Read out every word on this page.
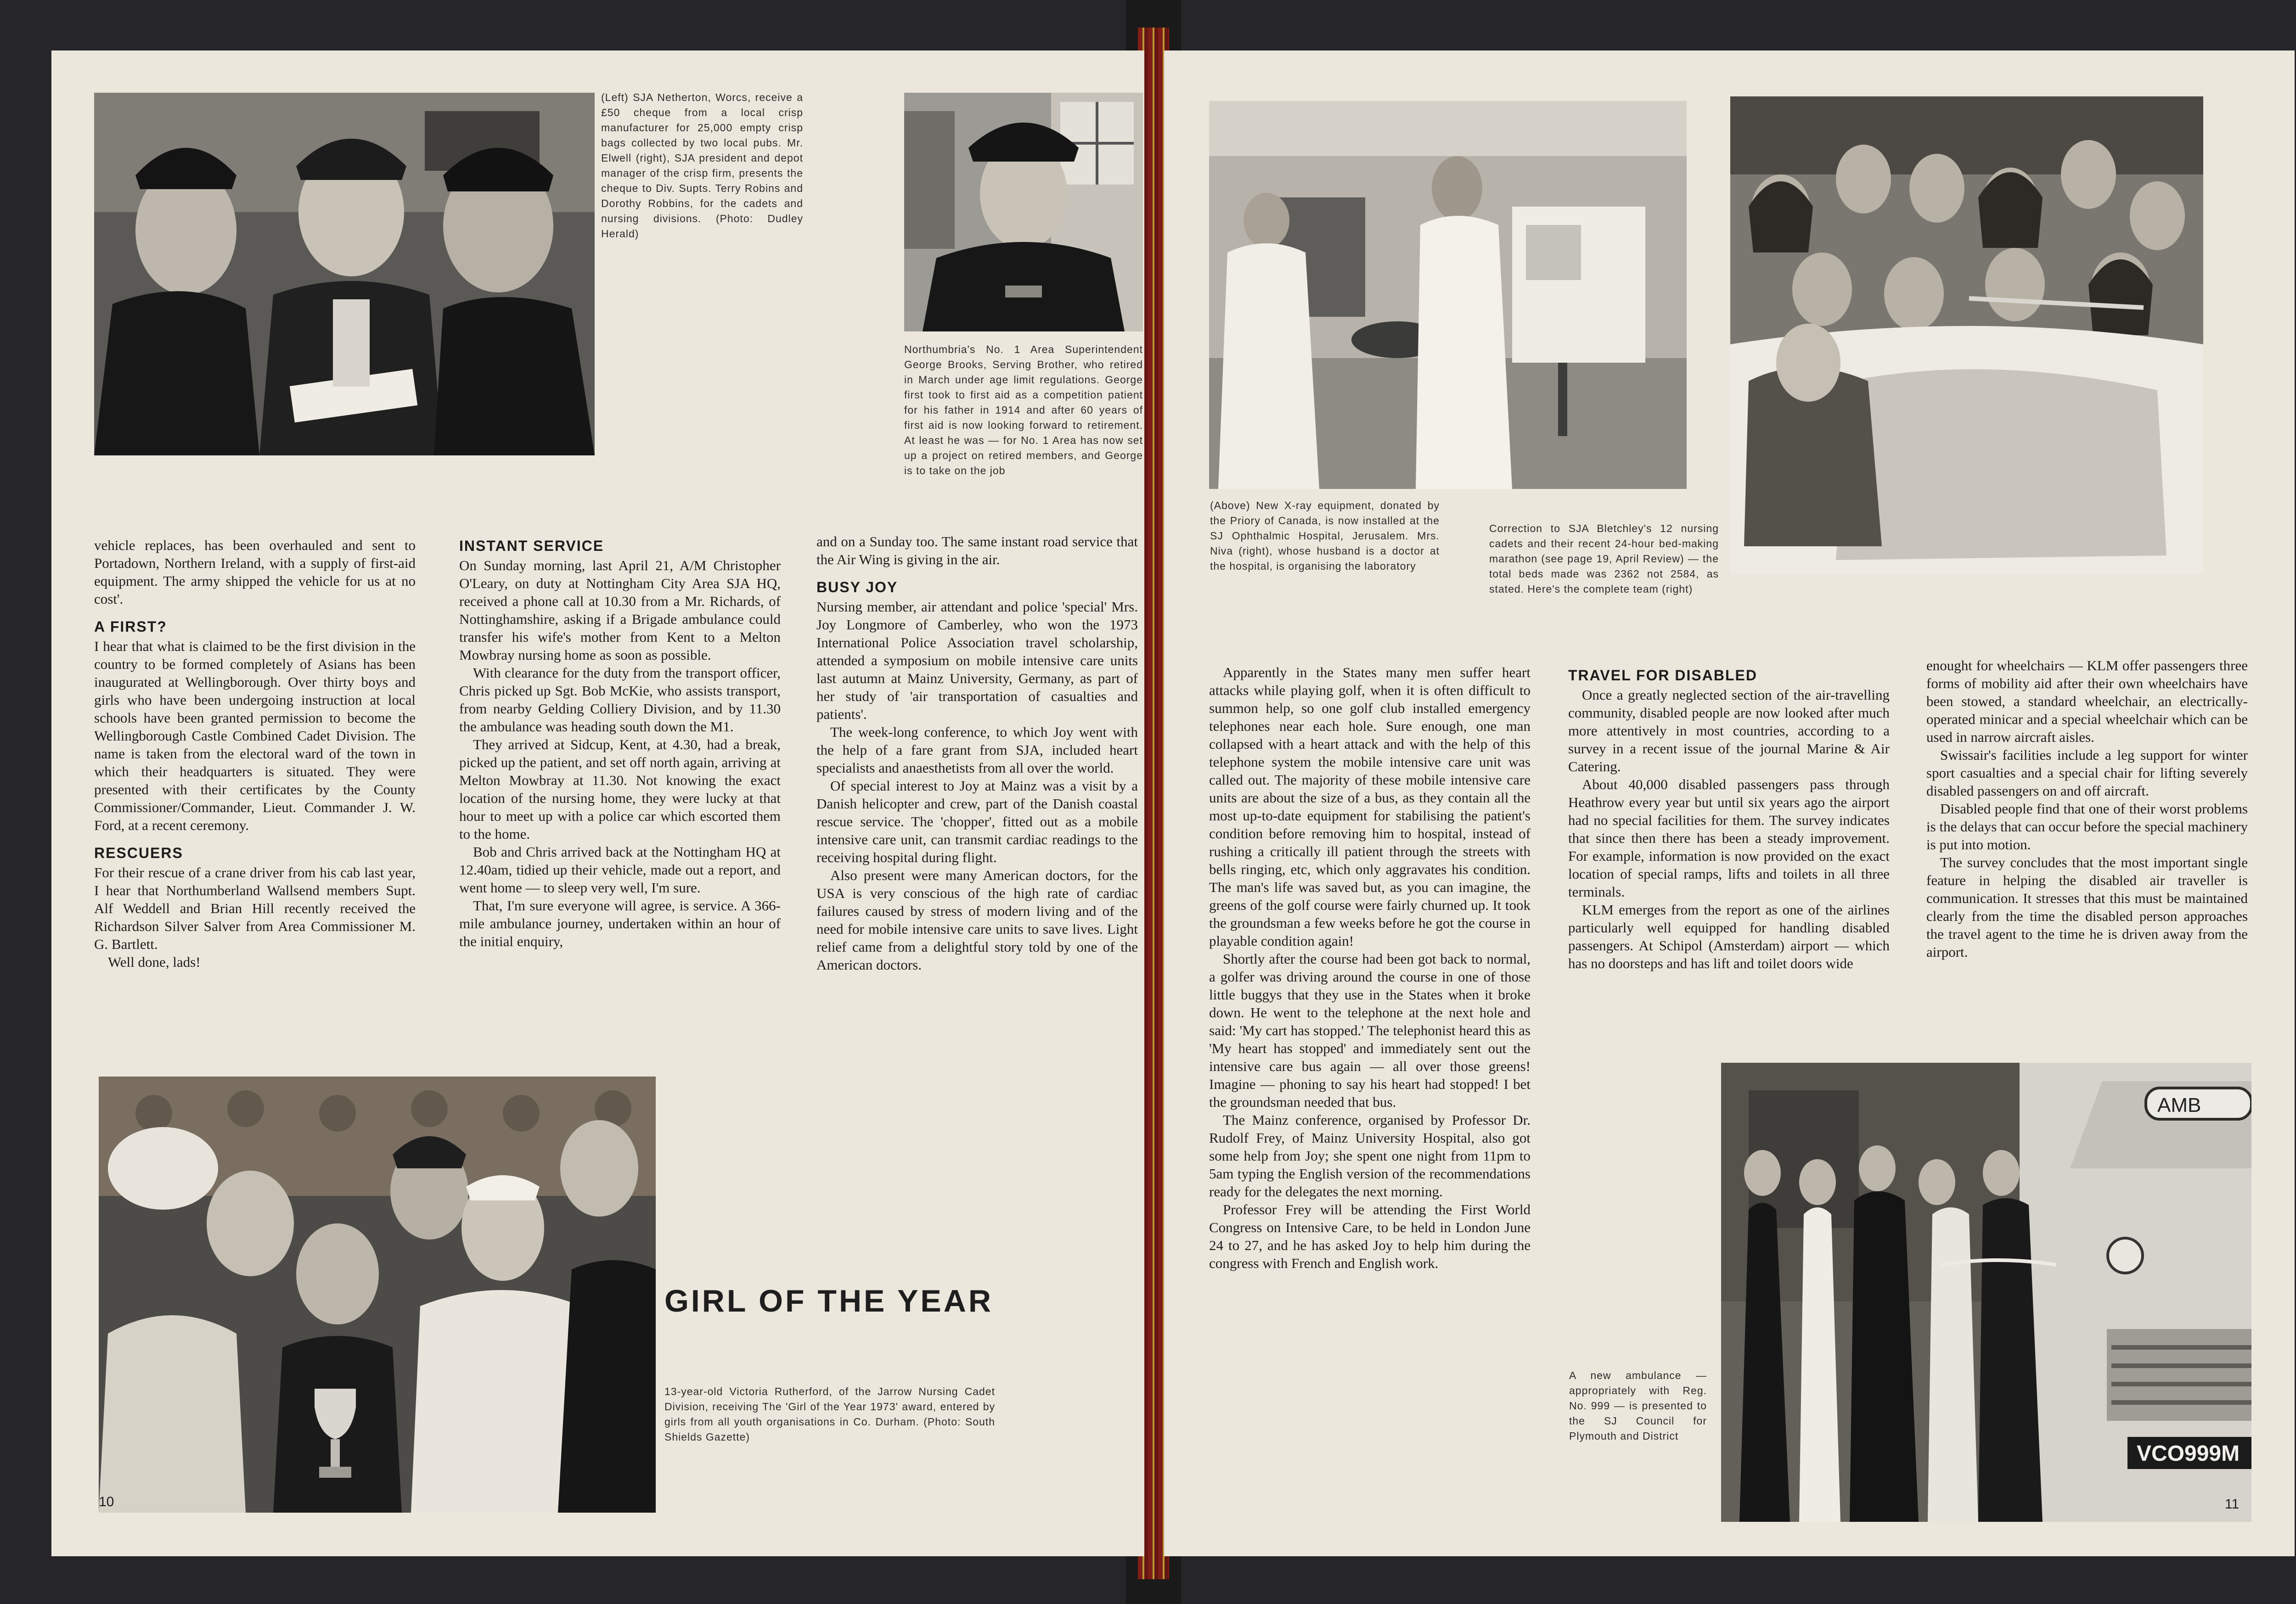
(Left) SJA Netherton, Worcs, receive a £50 cheque from a local crisp manufacturer for 25,000 empty crisp bags collected by two local pubs. Mr. Elwell (right), SJA president and depot manager of the crisp firm, presents the cheque to Div. Supts. Terry Robins and Dorothy Robbins, for the cadets and nursing divisions. (Photo: Dudley Herald)
Northumbria's No. 1 Area Superintendent George Brooks, Serving Brother, who retired in March under age limit regulations. George first took to first aid as a competition patient for his father in 1914 and after 60 years of first aid is now looking forward to retirement. At least he was — for No. 1 Area has now set up a project on retired members, and George is to take on the job

vehicle replaces, has been overhauled and sent to Portadown, Northern Ireland, with a supply of first-aid equipment. The army shipped the vehicle for us at no cost'.

A FIRST?

I hear that what is claimed to be the first division in the country to be formed completely of Asians has been inaugurated at Wellingborough. Over thirty boys and girls who have been undergoing instruction at local schools have been granted permission to become the Wellingborough Castle Combined Cadet Division. The name is taken from the electoral ward of the town in which their headquarters is situated. They were presented with their certificates by the County Commissioner/Commander, Lieut. Commander J. W. Ford, at a recent ceremony.

RESCUERS

For their rescue of a crane driver from his cab last year, I hear that Northumberland Wallsend members Supt. Alf Weddell and Brian Hill recently received the Richardson Silver Salver from Area Commissioner M. G. Bartlett.

Well done, lads!

INSTANT SERVICE

On Sunday morning, last April 21, A/M Christopher O'Leary, on duty at Nottingham City Area SJA HQ, received a phone call at 10.30 from a Mr. Richards, of Nottinghamshire, asking if a Brigade ambulance could transfer his wife's mother from Kent to a Melton Mowbray nursing home as soon as possible.

With clearance for the duty from the transport officer, Chris picked up Sgt. Bob McKie, who assists transport, from nearby Gelding Colliery Division, and by 11.30 the ambulance was heading south down the M1.

They arrived at Sidcup, Kent, at 4.30, had a break, picked up the patient, and set off north again, arriving at Melton Mowbray at 11.30. Not knowing the exact location of the nursing home, they were lucky at that hour to meet up with a police car which escorted them to the home.

Bob and Chris arrived back at the Nottingham HQ at 12.40am, tidied up their vehicle, made out a report, and went home — to sleep very well, I'm sure.

That, I'm sure everyone will agree, is service. A 366-mile ambulance journey, undertaken within an hour of the initial enquiry,

and on a Sunday too. The same instant road service that the Air Wing is giving in the air.

BUSY JOY

Nursing member, air attendant and police 'special' Mrs. Joy Longmore of Camberley, who won the 1973 International Police Association travel scholarship, attended a symposium on mobile intensive care units last autumn at Mainz University, Germany, as part of her study of 'air transportation of casualties and patients'.

The week-long conference, to which Joy went with the help of a fare grant from SJA, included heart specialists and anaesthetists from all over the world.

Of special interest to Joy at Mainz was a visit by a Danish helicopter and crew, part of the Danish coastal rescue service. The 'chopper', fitted out as a mobile intensive care unit, can transmit cardiac readings to the receiving hospital during flight.

Also present were many American doctors, for the USA is very conscious of the high rate of cardiac failures caused by stress of modern living and of the need for mobile intensive care units to save lives. Light relief came from a delightful story told by one of the American doctors.

GIRL OF THE YEAR
13-year-old Victoria Rutherford, of the Jarrow Nursing Cadet Division, receiving The 'Girl of the Year 1973' award, entered by girls from all youth organisations in Co. Durham. (Photo: South Shields Gazette)
10
(Above) New X-ray equipment, donated by the Priory of Canada, is now installed at the SJ Ophthalmic Hospital, Jerusalem. Mrs. Niva (right), whose husband is a doctor at the hospital, is organising the laboratory
Correction to SJA Bletchley's 12 nursing cadets and their recent 24-hour bed-making marathon (see page 19, April Review) — the total beds made was 2362 not 2584, as stated. Here's the complete team (right)

Apparently in the States many men suffer heart attacks while playing golf, when it is often difficult to summon help, so one golf club installed emergency telephones near each hole. Sure enough, one man collapsed with a heart attack and with the help of this telephone system the mobile intensive care unit was called out. The majority of these mobile intensive care units are about the size of a bus, as they contain all the most up-to-date equipment for stabilising the patient's condition before removing him to hospital, instead of rushing a critically ill patient through the streets with bells ringing, etc, which only aggravates his condition. The man's life was saved but, as you can imagine, the greens of the golf course were fairly churned up. It took the groundsman a few weeks before he got the course in playable condition again!

Shortly after the course had been got back to normal, a golfer was driving around the course in one of those little buggys that they use in the States when it broke down. He went to the telephone at the next hole and said: 'My cart has stopped.' The telephonist heard this as 'My heart has stopped' and immediately sent out the intensive care bus again — all over those greens! Imagine — phoning to say his heart had stopped! I bet the groundsman needed that bus.

The Mainz conference, organised by Professor Dr. Rudolf Frey, of Mainz University Hospital, also got some help from Joy; she spent one night from 11pm to 5am typing the English version of the recommendations ready for the delegates the next morning.

Professor Frey will be attending the First World Congress on Intensive Care, to be held in London June 24 to 27, and he has asked Joy to help him during the congress with French and English work.

TRAVEL FOR DISABLED

Once a greatly neglected section of the air-travelling community, disabled people are now looked after much more attentively in most countries, according to a survey in a recent issue of the journal Marine & Air Catering.

About 40,000 disabled passengers pass through Heathrow every year but until six years ago the airport had no special facilities for them. The survey indicates that since then there has been a steady improvement. For example, information is now provided on the exact location of special ramps, lifts and toilets in all three terminals.

KLM emerges from the report as one of the airlines particularly well equipped for handling disabled passengers. At Schipol (Amsterdam) airport — which has no doorsteps and has lift and toilet doors wide

enought for wheelchairs — KLM offer passengers three forms of mobility aid after their own wheelchairs have been stowed, a standard wheelchair, an electrically-operated minicar and a special wheelchair which can be used in narrow aircraft aisles.

Swissair's facilities include a leg support for winter sport casualties and a special chair for lifting severely disabled passengers on and off aircraft.

Disabled people find that one of their worst problems is the delays that can occur before the special machinery is put into motion.

The survey concludes that the most important single feature in helping the disabled air traveller is communication. It stresses that this must be maintained clearly from the time the disabled person approaches the travel agent to the time he is driven away from the airport.

AMB
VCO999M
A new ambulance — appropriately with Reg. No. 999 — is presented to the SJ Council for Plymouth and District
11
